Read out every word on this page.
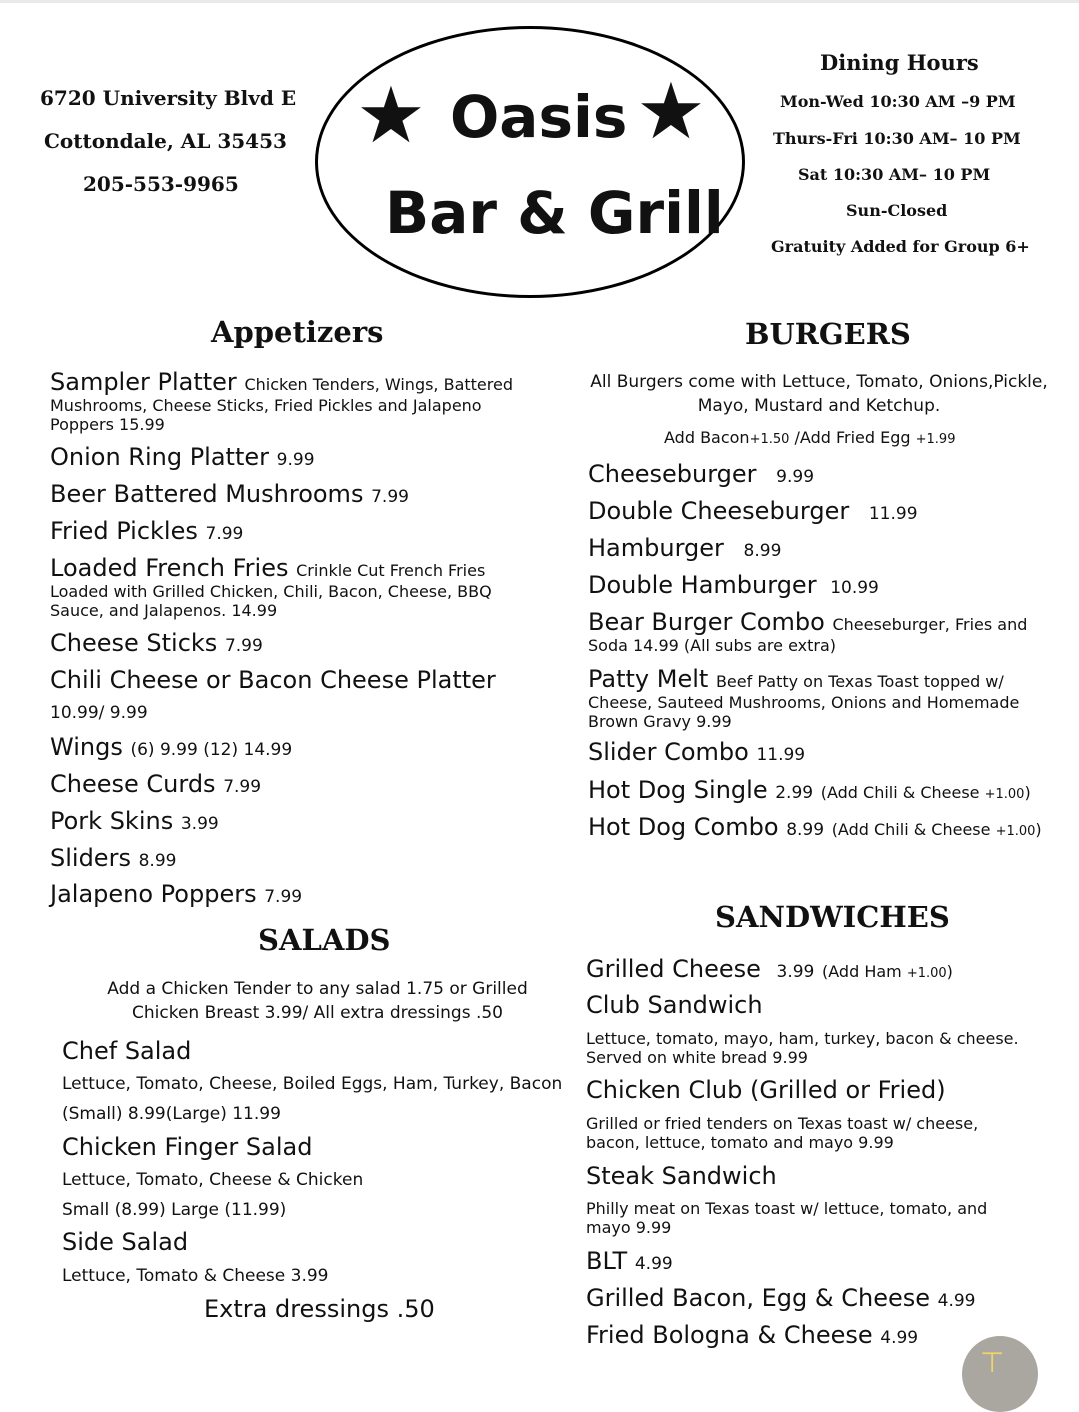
6720 University Blvd E
Cottondale, AL 35453
205-553-9965
★	★
Oasis
Bar & Grill
Dining Hours
Mon-Wed 10:30 AM –9 PM
Thurs-Fri 10:30 AM– 10 PM
Sat 10:30 AM– 10 PM
Sun-Closed
Gratuity Added for Group 6+
Appetizers
Sampler Platter Chicken Tenders, Wings, Battered
Mushrooms, Cheese Sticks, Fried Pickles and Jalapeno
Poppers 15.99
Onion Ring Platter 9.99
Beer Battered Mushrooms 7.99
Fried Pickles 7.99
Loaded French Fries Crinkle Cut French Fries
Loaded with Grilled Chicken, Chili, Bacon, Cheese, BBQ
Sauce, and Jalapenos. 14.99
Cheese Sticks 7.99
Chili Cheese or Bacon Cheese Platter
10.99/ 9.99
Wings (6) 9.99 (12) 14.99
Cheese Curds 7.99
Pork Skins 3.99
Sliders 8.99
Jalapeno Poppers 7.99
SALADS
Add a Chicken Tender to any salad 1.75 or Grilled
Chicken Breast 3.99/ All extra dressings .50
Chef Salad
Lettuce, Tomato, Cheese, Boiled Eggs, Ham, Turkey, Bacon
(Small) 8.99(Large) 11.99
Chicken Finger Salad
Lettuce, Tomato, Cheese & Chicken
Small (8.99) Large (11.99)
Side Salad
Lettuce, Tomato & Cheese 3.99
Extra dressings .50
BURGERS
All Burgers come with Lettuce, Tomato, Onions,Pickle,
Mayo, Mustard and Ketchup.
Add Bacon+1.50 /Add Fried Egg +1.99
Cheeseburger 9.99
Double Cheeseburger 11.99
Hamburger 8.99
Double Hamburger 10.99
Bear Burger Combo Cheeseburger, Fries and
Soda 14.99 (All subs are extra)
Patty Melt Beef Patty on Texas Toast topped w/
Cheese, Sauteed Mushrooms, Onions and Homemade
Brown Gravy 9.99
Slider Combo 11.99
Hot Dog Single 2.99 (Add Chili & Cheese +1.00)
Hot Dog Combo 8.99 (Add Chili & Cheese +1.00)
SANDWICHES
Grilled Cheese 3.99 (Add Ham +1.00)
Club Sandwich
Lettuce, tomato, mayo, ham, turkey, bacon & cheese.
Served on white bread 9.99
Chicken Club (Grilled or Fried)
Grilled or fried tenders on Texas toast w/ cheese,
bacon, lettuce, tomato and mayo 9.99
Steak Sandwich
Philly meat on Texas toast w/ lettuce, tomato, and
mayo 9.99
BLT 4.99
Grilled Bacon, Egg & Cheese 4.99
Fried Bologna & Cheese 4.99
⊤
